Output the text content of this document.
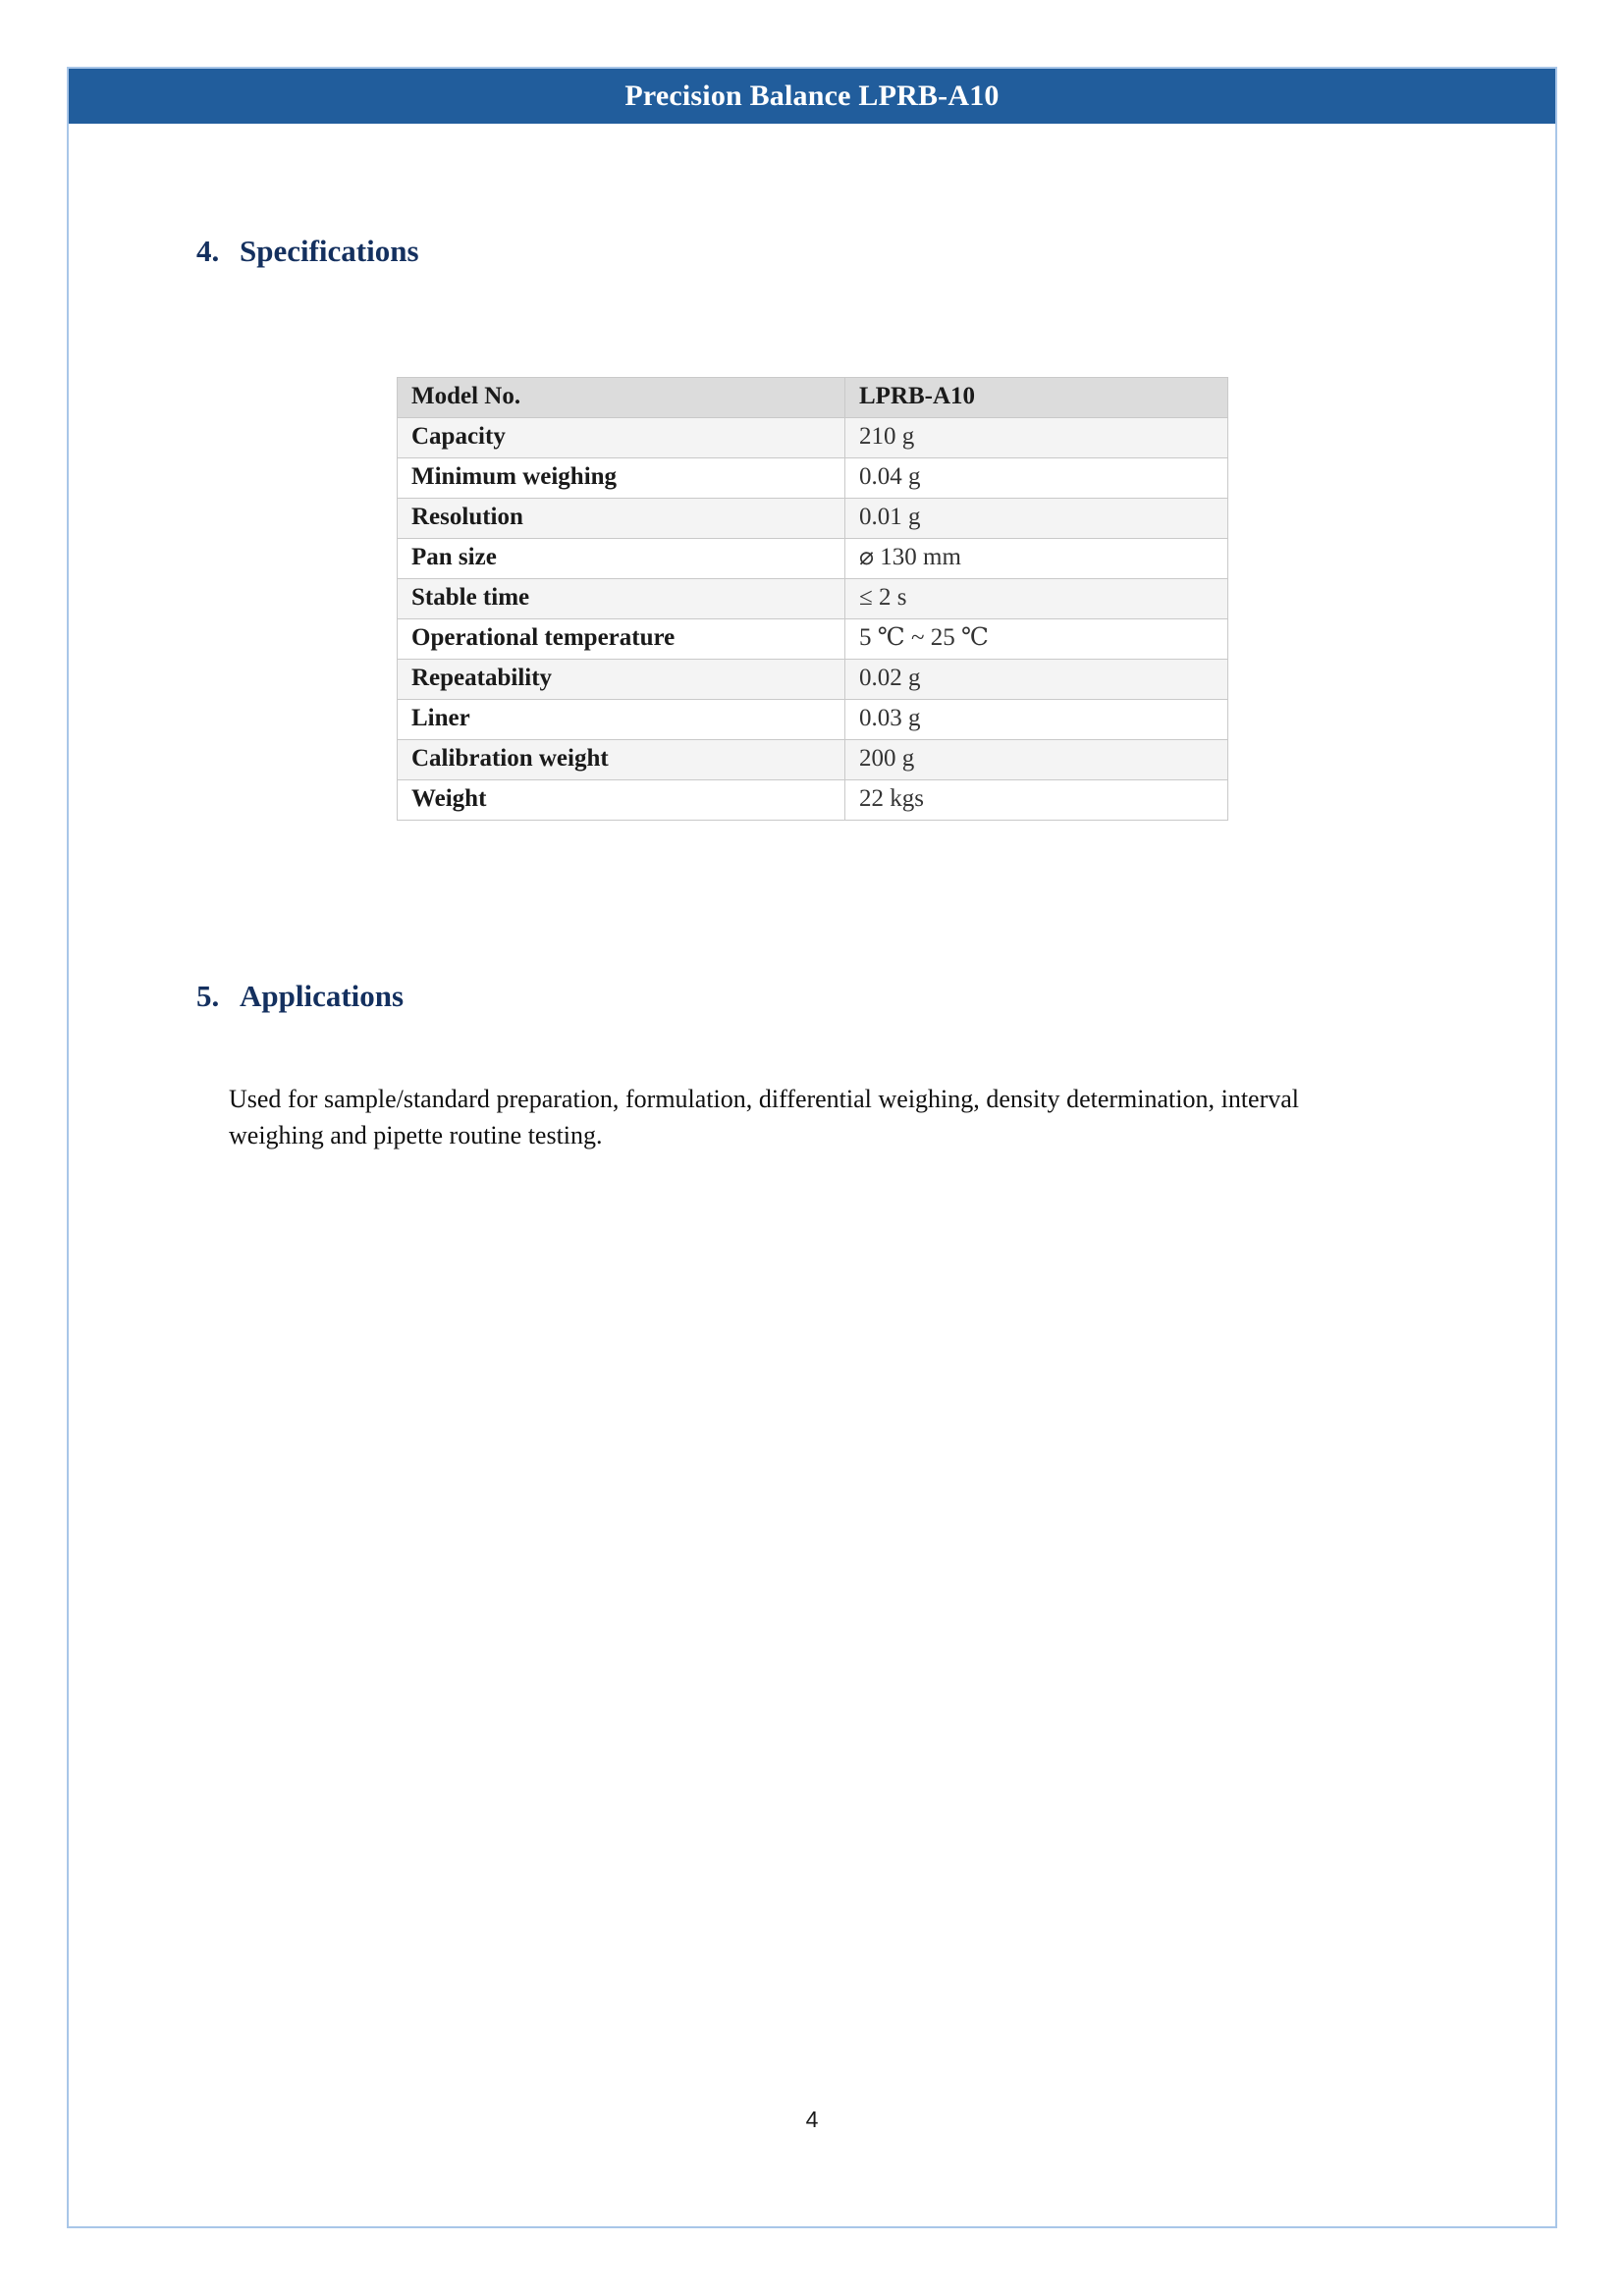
Precision Balance LPRB-A10
4. Specifications
Model No.	LPRB-A10
Capacity	210 g
Minimum weighing	0.04 g
Resolution	0.01 g
Pan size	⌀ 130 mm
Stable time	≤ 2 s
Operational temperature	5 ℃ ~ 25 ℃
Repeatability	0.02 g
Liner	0.03 g
Calibration weight	200 g
Weight	22 kgs
5. Applications

Used for sample/standard preparation, formulation, differential weighing, density determination, interval weighing and pipette routine testing.

4
